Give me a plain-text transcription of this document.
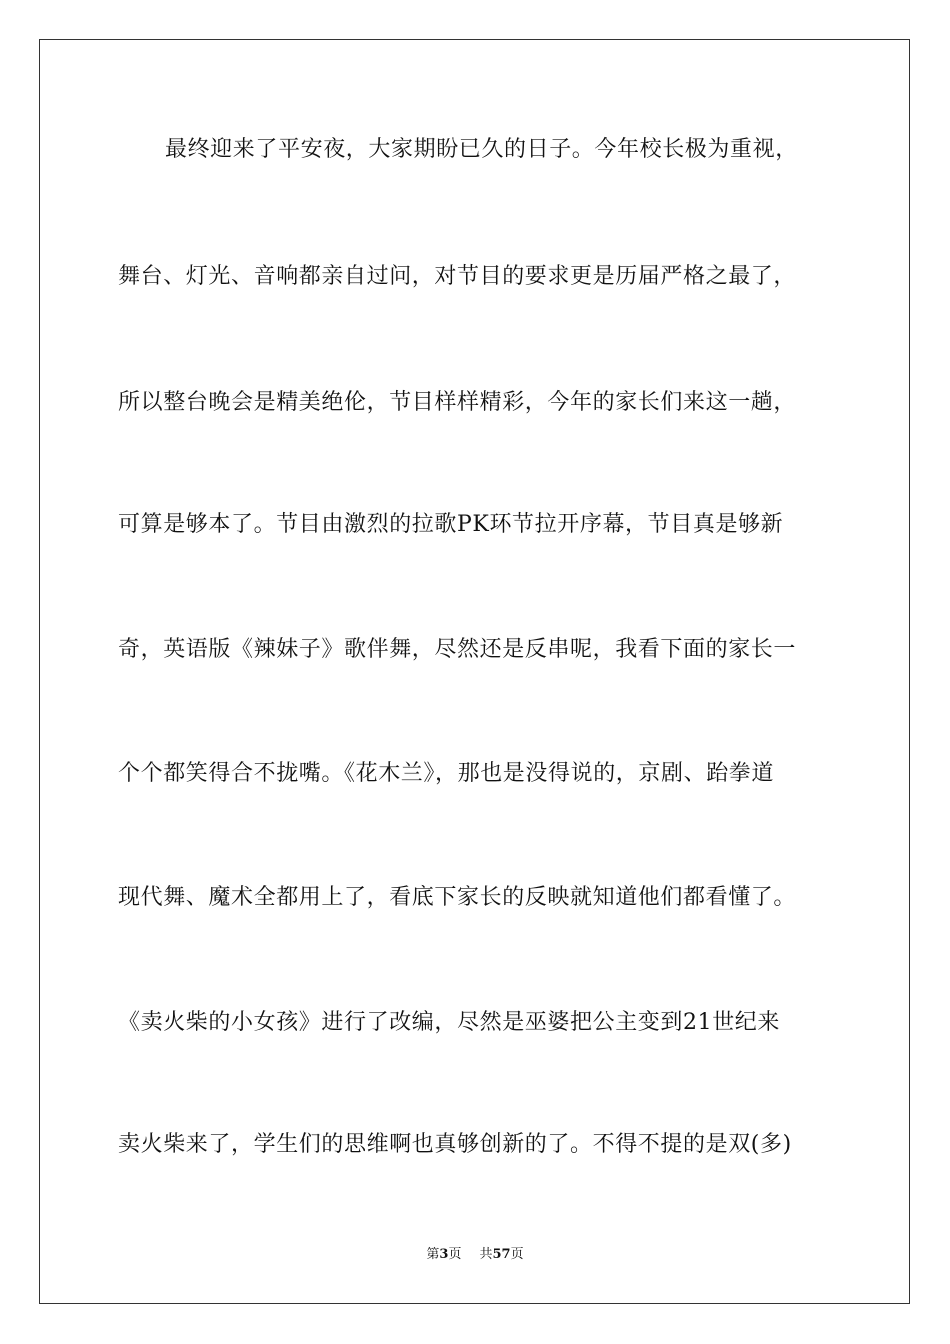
最终迎来了平安夜，大家期盼已久的日子。今年校长极为重视，
舞台、灯光、音响都亲自过问，对节目的要求更是历届严格之最了，
所以整台晚会是精美绝伦，节目样样精彩，今年的家长们来这一趟，
可算是够本了。节目由激烈的拉歌PK环节拉开序幕，节目真是够新
奇，英语版《辣妹子》歌伴舞，尽然还是反串呢，我看下面的家长一
个个都笑得合不拢嘴。《花木兰》，那也是没得说的，京剧、跆拳道
现代舞、魔术全都用上了，看底下家长的反映就知道他们都看懂了。
《卖火柴的小女孩》进行了改编，尽然是巫婆把公主变到21世纪来
卖火柴来了，学生们的思维啊也真够创新的了。不得不提的是双(多)
第3页 共57页
